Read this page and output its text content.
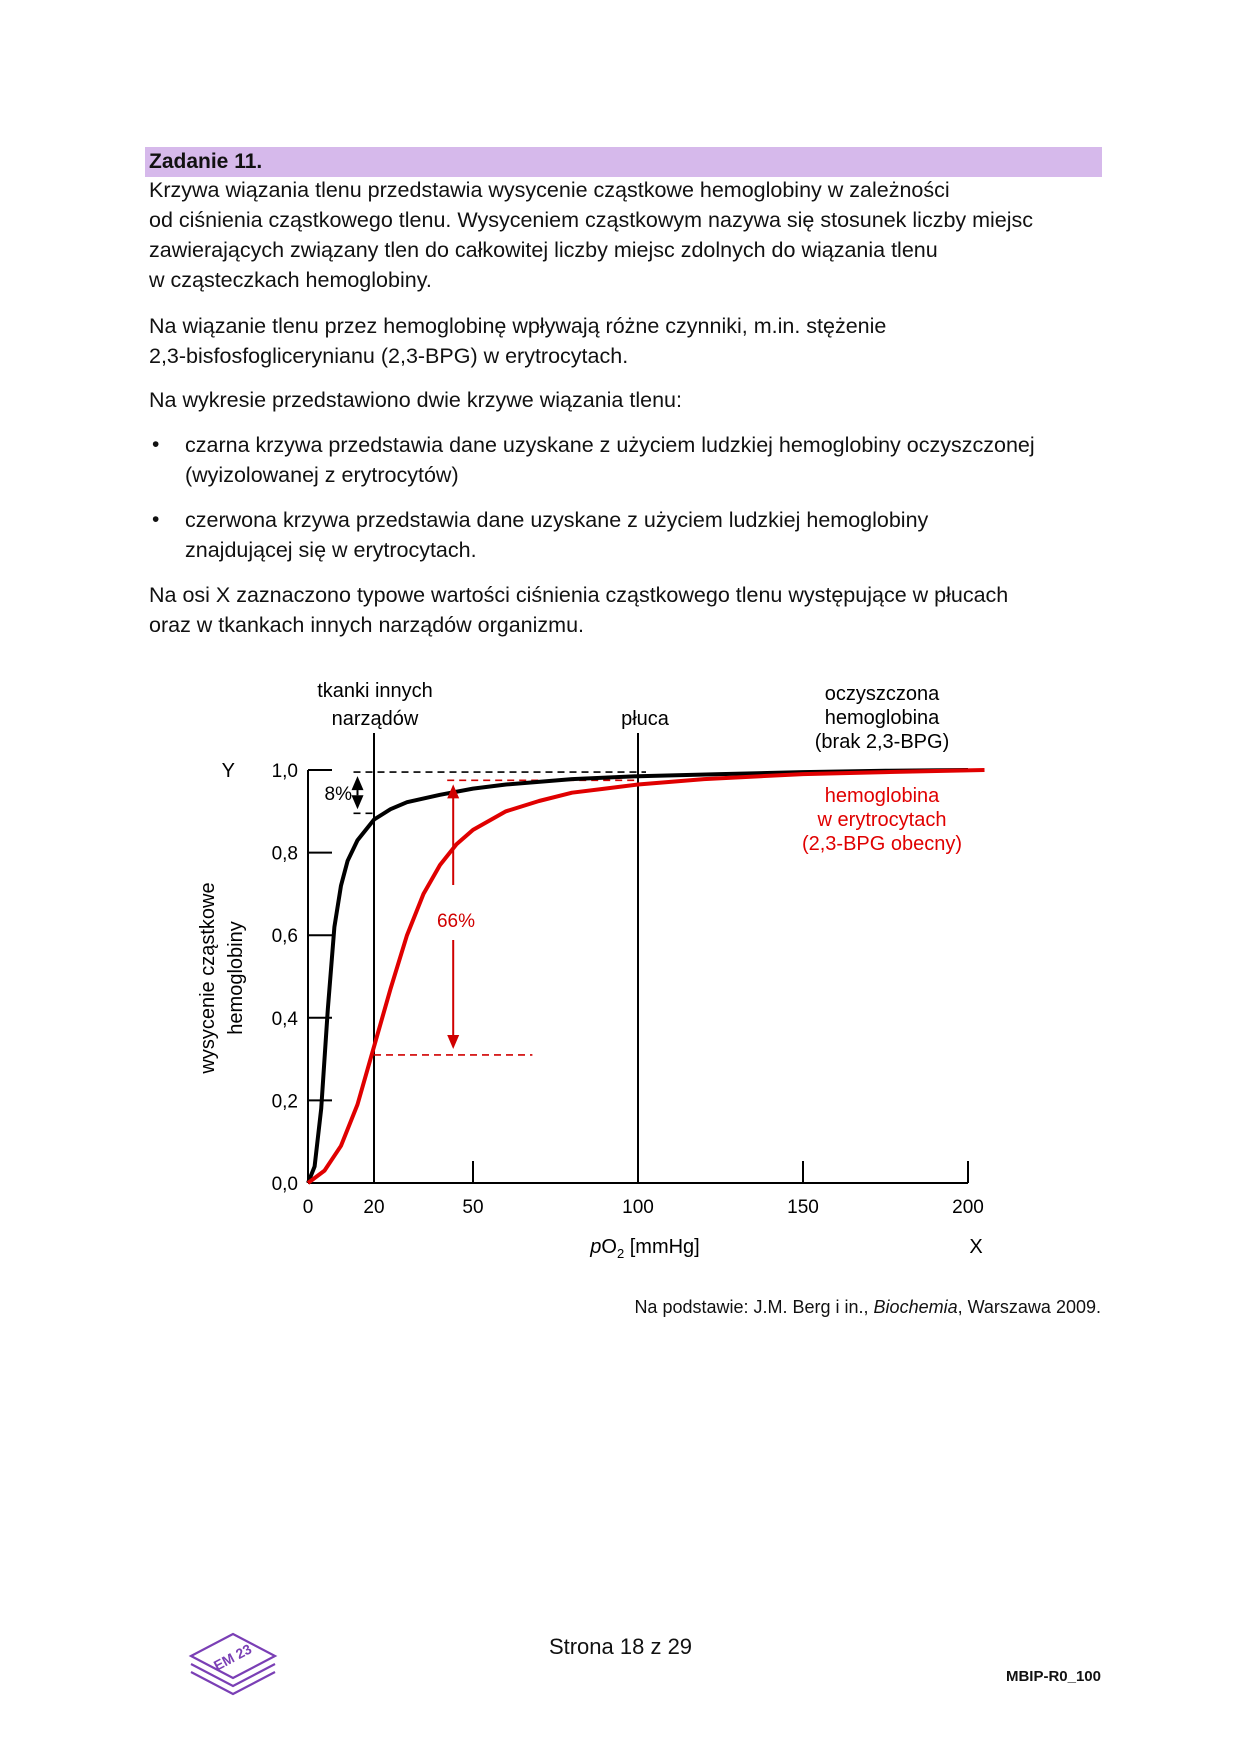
Zadanie 11.

Krzywa wiązania tlenu przedstawia wysycenie cząstkowe hemoglobiny w zależności

od ciśnienia cząstkowego tlenu. Wysyceniem cząstkowym nazywa się stosunek liczby miejsc

zawierających związany tlen do całkowitej liczby miejsc zdolnych do wiązania tlenu

w cząsteczkach hemoglobiny.

Na wiązanie tlenu przez hemoglobinę wpływają różne czynniki, m.in. stężenie

2,3-bisfosfoglicerynianu (2,3-BPG) w erytrocytach.

Na wykresie przedstawiono dwie krzywe wiązania tlenu:

• czarna krzywa przedstawia dane uzyskane z użyciem ludzkiej hemoglobiny oczyszczonej

(wyizolowanej z erytrocytów)

• czerwona krzywa przedstawia dane uzyskane z użyciem ludzkiej hemoglobiny

znajdującej się w erytrocytach.

Na osi X zaznaczono typowe wartości ciśnienia cząstkowego tlenu występujące w płucach

oraz w tkankach innych narządów organizmu.

0,0
0,2
0,4
0,6
0,8
1,0
0	20	50	100	150	200
Y
X
$pO_2$ [mmHg]
wysycenie cząstkowe hemoglobiny
tkanki innych
narządów	płuca
oczyszczona
hemoglobina
(brak 2,3-BPG)
hemoglobina
w erytrocytach
(2,3-BPG obecny)
8%
66%
Na podstawie: J.M. Berg i in., Biochemia, Warszawa 2009.
EM 23	Strona 18 z 29
MBIP-R0_100
